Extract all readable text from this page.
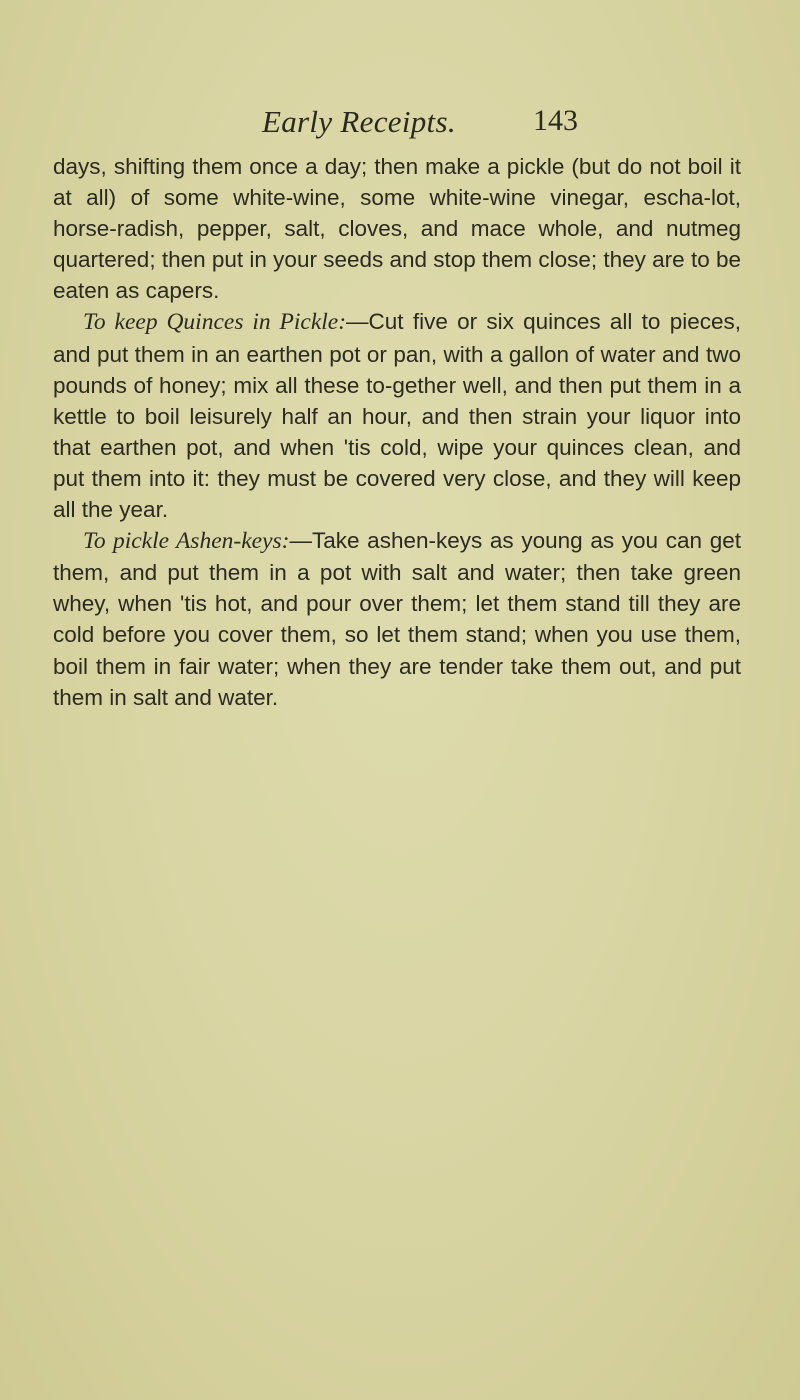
Early Receipts.	143

days, shifting them once a day; then make a pickle (but do not boil it at all) of some white-wine, some white-wine vinegar, escha-lot, horse-radish, pepper, salt, cloves, and mace whole, and nutmeg quartered; then put in your seeds and stop them close; they are to be eaten as capers.

To keep Quinces in Pickle:—Cut five or six quinces all to pieces, and put them in an earthen pot or pan, with a gallon of water and two pounds of honey; mix all these to-gether well, and then put them in a kettle to boil leisurely half an hour, and then strain your liquor into that earthen pot, and when 'tis cold, wipe your quinces clean, and put them into it: they must be covered very close, and they will keep all the year.

To pickle Ashen-keys:—Take ashen-keys as young as you can get them, and put them in a pot with salt and water; then take green whey, when 'tis hot, and pour over them; let them stand till they are cold before you cover them, so let them stand; when you use them, boil them in fair water; when they are tender take them out, and put them in salt and water.
